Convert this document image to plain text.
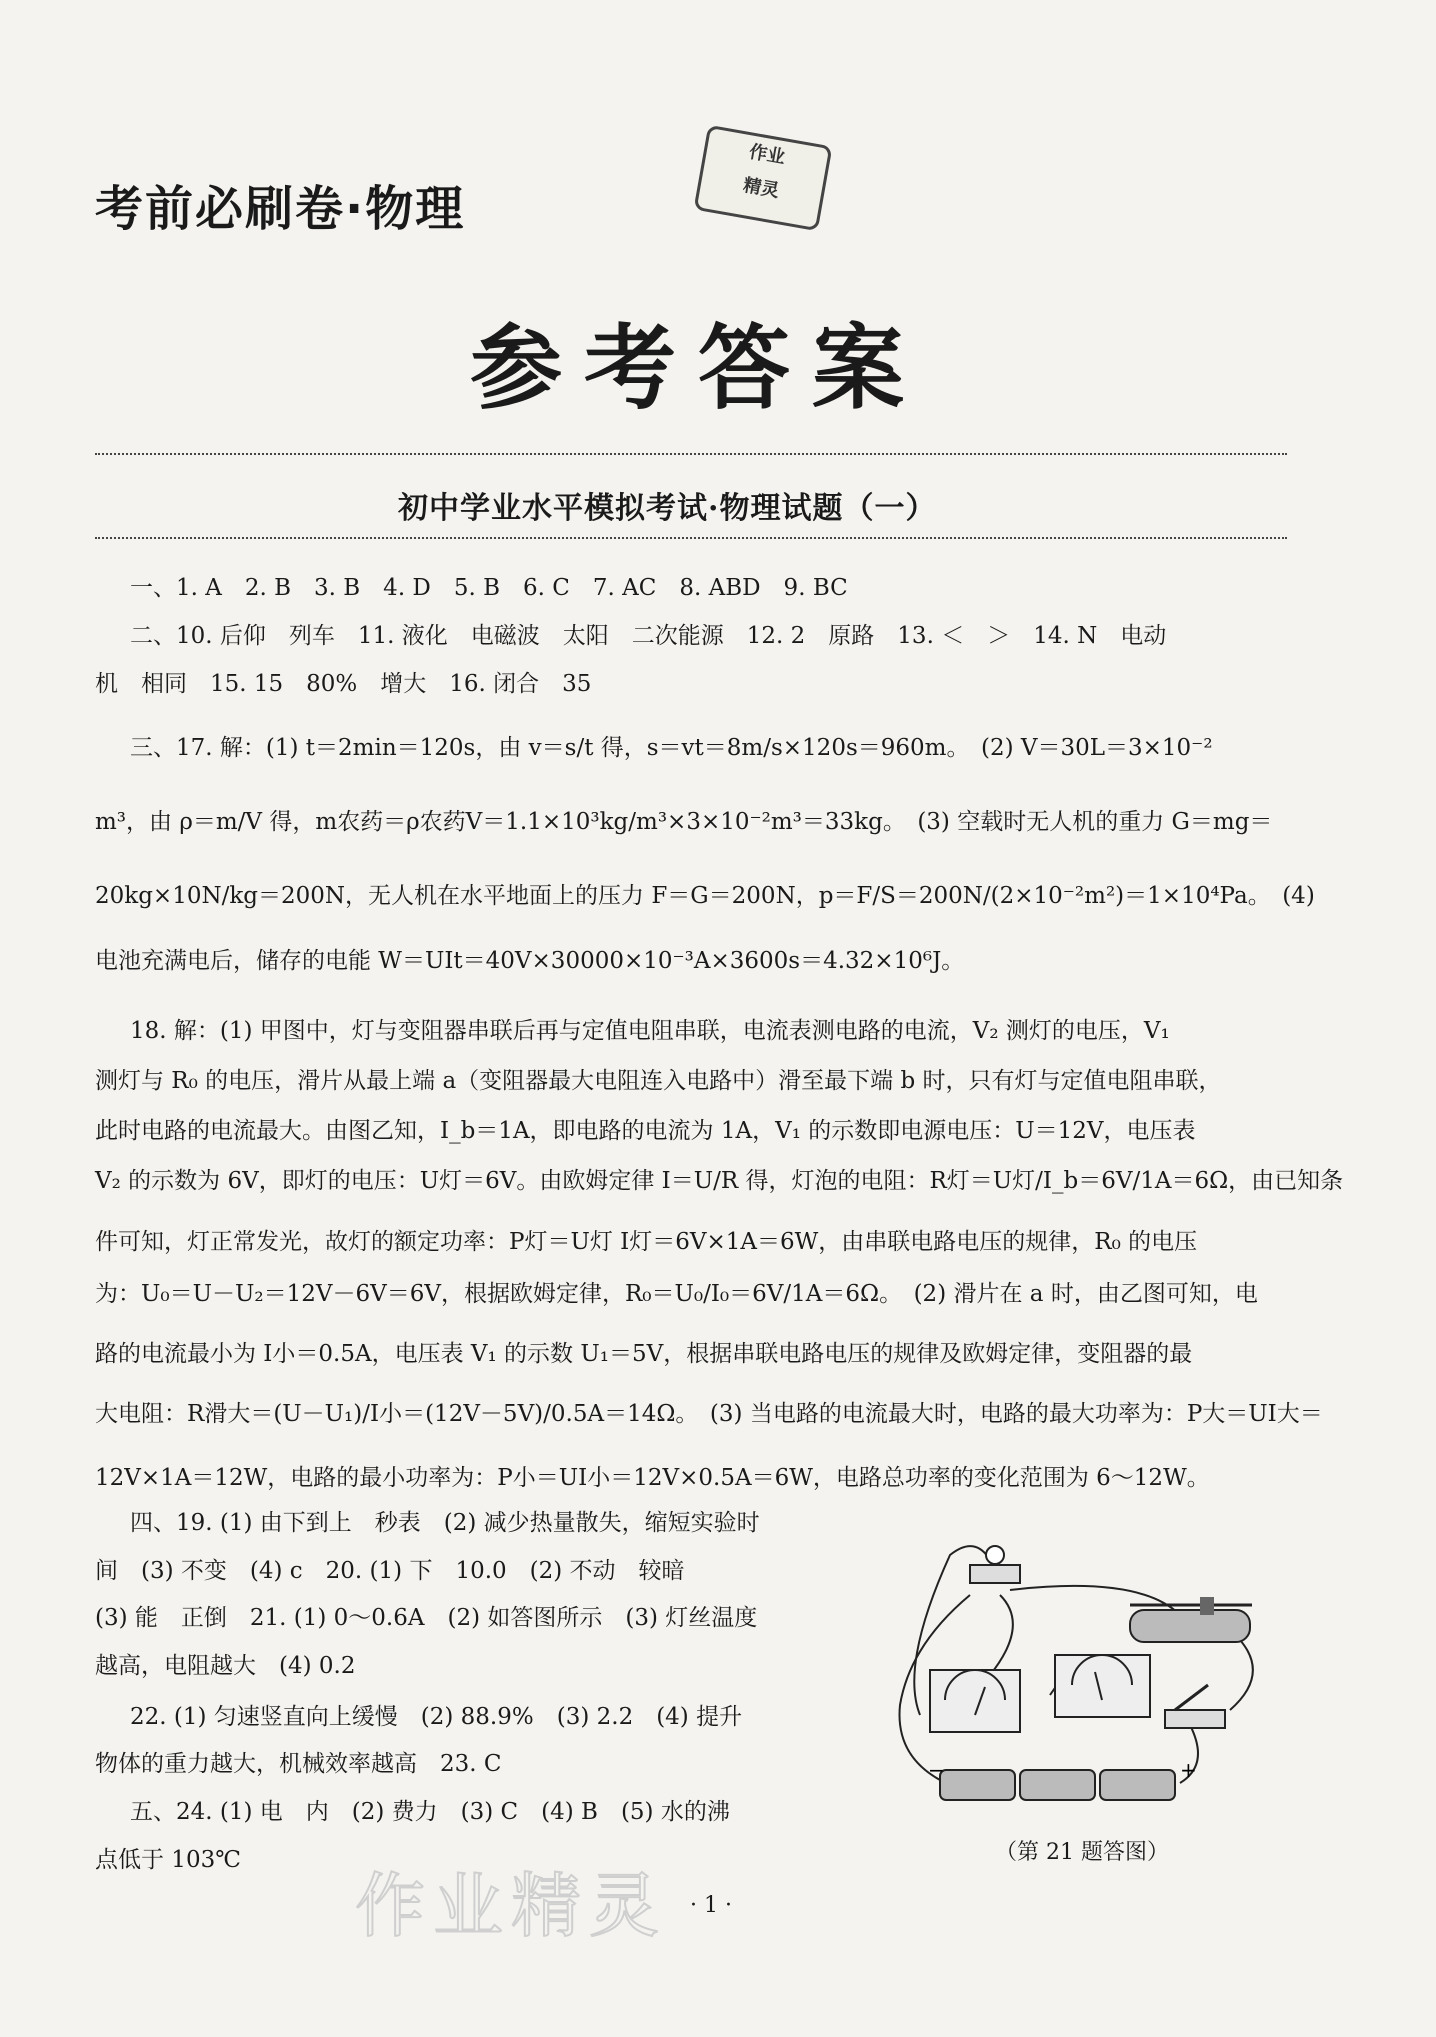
考前必刷卷·物理
作业
精灵
参考答案
初中学业水平模拟考试·物理试题（一）
一、1. A　2. B　3. B　4. D　5. B　6. C　7. AC　8. ABD　9. BC
二、10. 后仰　列车　11. 液化　电磁波　太阳　二次能源　12. 2　原路　13. ＜　＞　14. N　电动
机　相同　15. 15　80%　增大　16. 闭合　35
三、17. 解：(1) t＝2min＝120s，由 v＝s/t 得，s＝vt＝8m/s×120s＝960m。　(2) V＝30L＝3×10⁻²
m³，由 ρ＝m/V 得，m农药＝ρ农药V＝1.1×10³kg/m³×3×10⁻²m³＝33kg。　(3) 空载时无人机的重力 G＝mg＝
20kg×10N/kg＝200N，无人机在水平地面上的压力 F＝G＝200N，p＝F/S＝200N/(2×10⁻²m²)＝1×10⁴Pa。　(4)
电池充满电后，储存的电能 W＝UIt＝40V×30000×10⁻³A×3600s＝4.32×10⁶J。
18. 解：(1) 甲图中，灯与变阻器串联后再与定值电阻串联，电流表测电路的电流，V₂ 测灯的电压，V₁
测灯与 R₀ 的电压，滑片从最上端 a（变阻器最大电阻连入电路中）滑至最下端 b 时，只有灯与定值电阻串联，
此时电路的电流最大。由图乙知，I_b＝1A，即电路的电流为 1A，V₁ 的示数即电源电压：U＝12V，电压表
V₂ 的示数为 6V，即灯的电压：U灯＝6V。由欧姆定律 I＝U/R 得，灯泡的电阻：R灯＝U灯/I_b＝6V/1A＝6Ω，由已知条
件可知，灯正常发光，故灯的额定功率：P灯＝U灯 I灯＝6V×1A＝6W，由串联电路电压的规律，R₀ 的电压
为：U₀＝U－U₂＝12V－6V＝6V，根据欧姆定律，R₀＝U₀/I₀＝6V/1A＝6Ω。　(2) 滑片在 a 时，由乙图可知，电
路的电流最小为 I小＝0.5A，电压表 V₁ 的示数 U₁＝5V，根据串联电路电压的规律及欧姆定律，变阻器的最
大电阻：R滑大＝(U－U₁)/I小＝(12V－5V)/0.5A＝14Ω。　(3) 当电路的电流最大时，电路的最大功率为：P大＝UI大＝
12V×1A＝12W，电路的最小功率为：P小＝UI小＝12V×0.5A＝6W，电路总功率的变化范围为 6～12W。
四、19. (1) 由下到上　秒表　(2) 减少热量散失，缩短实验时
间　(3) 不变　(4) c　20. (1) 下　10.0　(2) 不动　较暗
(3) 能　正倒　21. (1) 0～0.6A　(2) 如答图所示　(3) 灯丝温度
越高，电阻越大　(4) 0.2
22. (1) 匀速竖直向上缓慢　(2) 88.9%　(3) 2.2　(4) 提升
物体的重力越大，机械效率越高　23. C
五、24. (1) 电　内　(2) 费力　(3) C　(4) B　(5) 水的沸
点低于 103℃
−	+
（第 21 题答图）
· 1 ·
作业精灵
